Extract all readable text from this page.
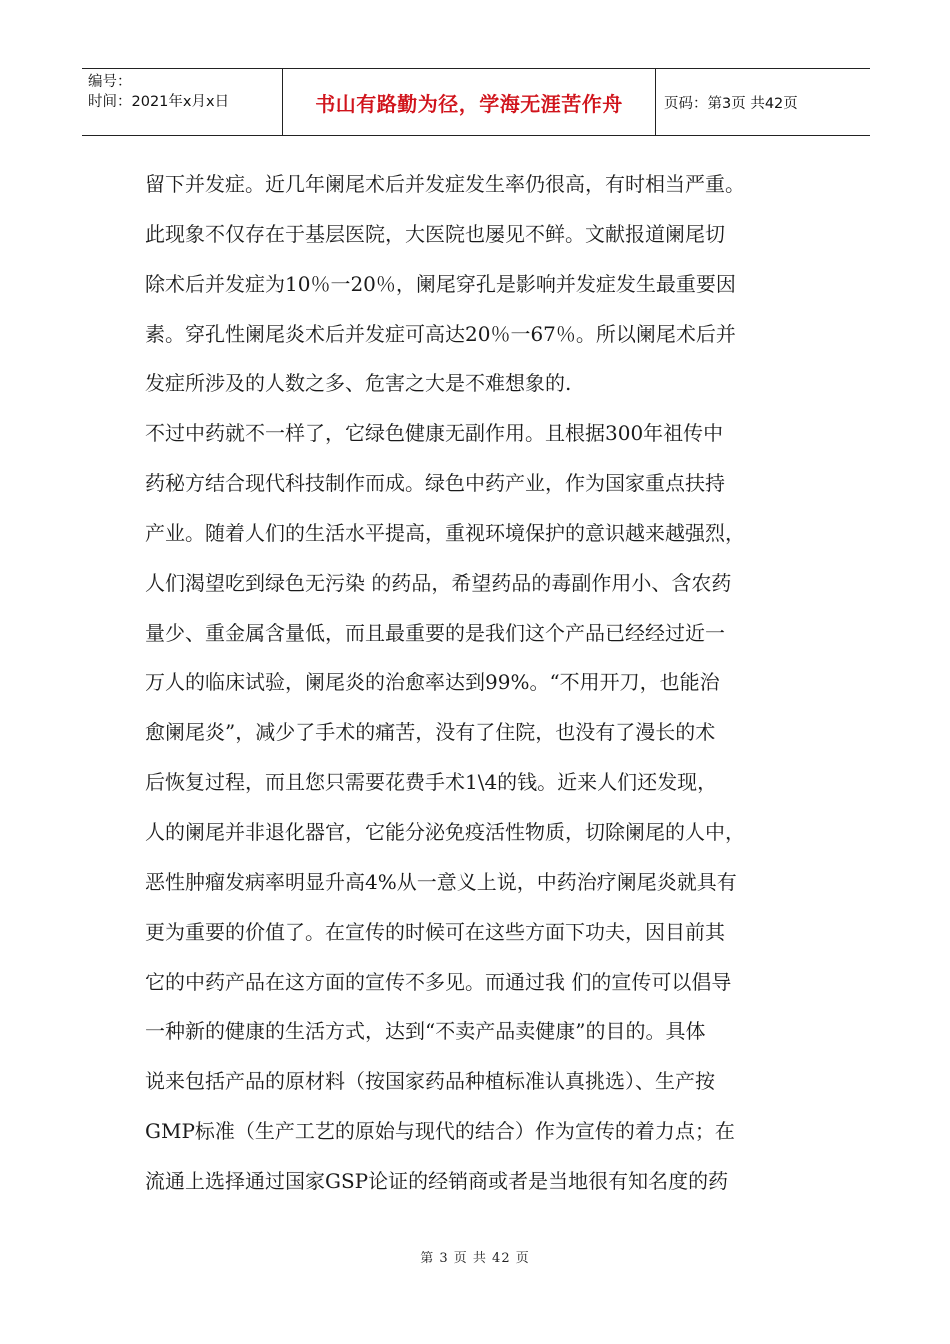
编号：
时间：2021年x月x日	书山有路勤为径，学海无涯苦作舟	页码：第3页 共42页
留下并发症。近几年阑尾术后并发症发生率仍很高，有时相当严重。
此现象不仅存在于基层医院，大医院也屡见不鲜。文献报道阑尾切
除术后并发症为10％一20％，阑尾穿孔是影响并发症发生最重要因
素。穿孔性阑尾炎术后并发症可高达20％一67％。所以阑尾术后并
发症所涉及的人数之多、危害之大是不难想象的.
不过中药就不一样了，它绿色健康无副作用。且根据300年祖传中
药秘方结合现代科技制作而成。绿色中药产业，作为国家重点扶持
产业。随着人们的生活水平提高，重视环境保护的意识越来越强烈，
人们渴望吃到绿色无污染 的药品，希望药品的毒副作用小、含农药
量少、重金属含量低，而且最重要的是我们这个产品已经经过近一
万人的临床试验，阑尾炎的治愈率达到99%。“不用开刀，也能治
愈阑尾炎”，减少了手术的痛苦，没有了住院，也没有了漫长的术
后恢复过程，而且您只需要花费手术1\4的钱。近来人们还发现，
人的阑尾并非退化器官，它能分泌免疫活性物质，切除阑尾的人中，
恶性肿瘤发病率明显升高4%从一意义上说，中药治疗阑尾炎就具有
更为重要的价值了。在宣传的时候可在这些方面下功夫，因目前其
它的中药产品在这方面的宣传不多见。而通过我 们的宣传可以倡导
一种新的健康的生活方式，达到“不卖产品卖健康”的目的。具体
说来包括产品的原材料（按国家药品种植标准认真挑选）、生产按
GMP标准（生产工艺的原始与现代的结合）作为宣传的着力点；在
流通上选择通过国家GSP论证的经销商或者是当地很有知名度的药
第 3 页 共 42 页
